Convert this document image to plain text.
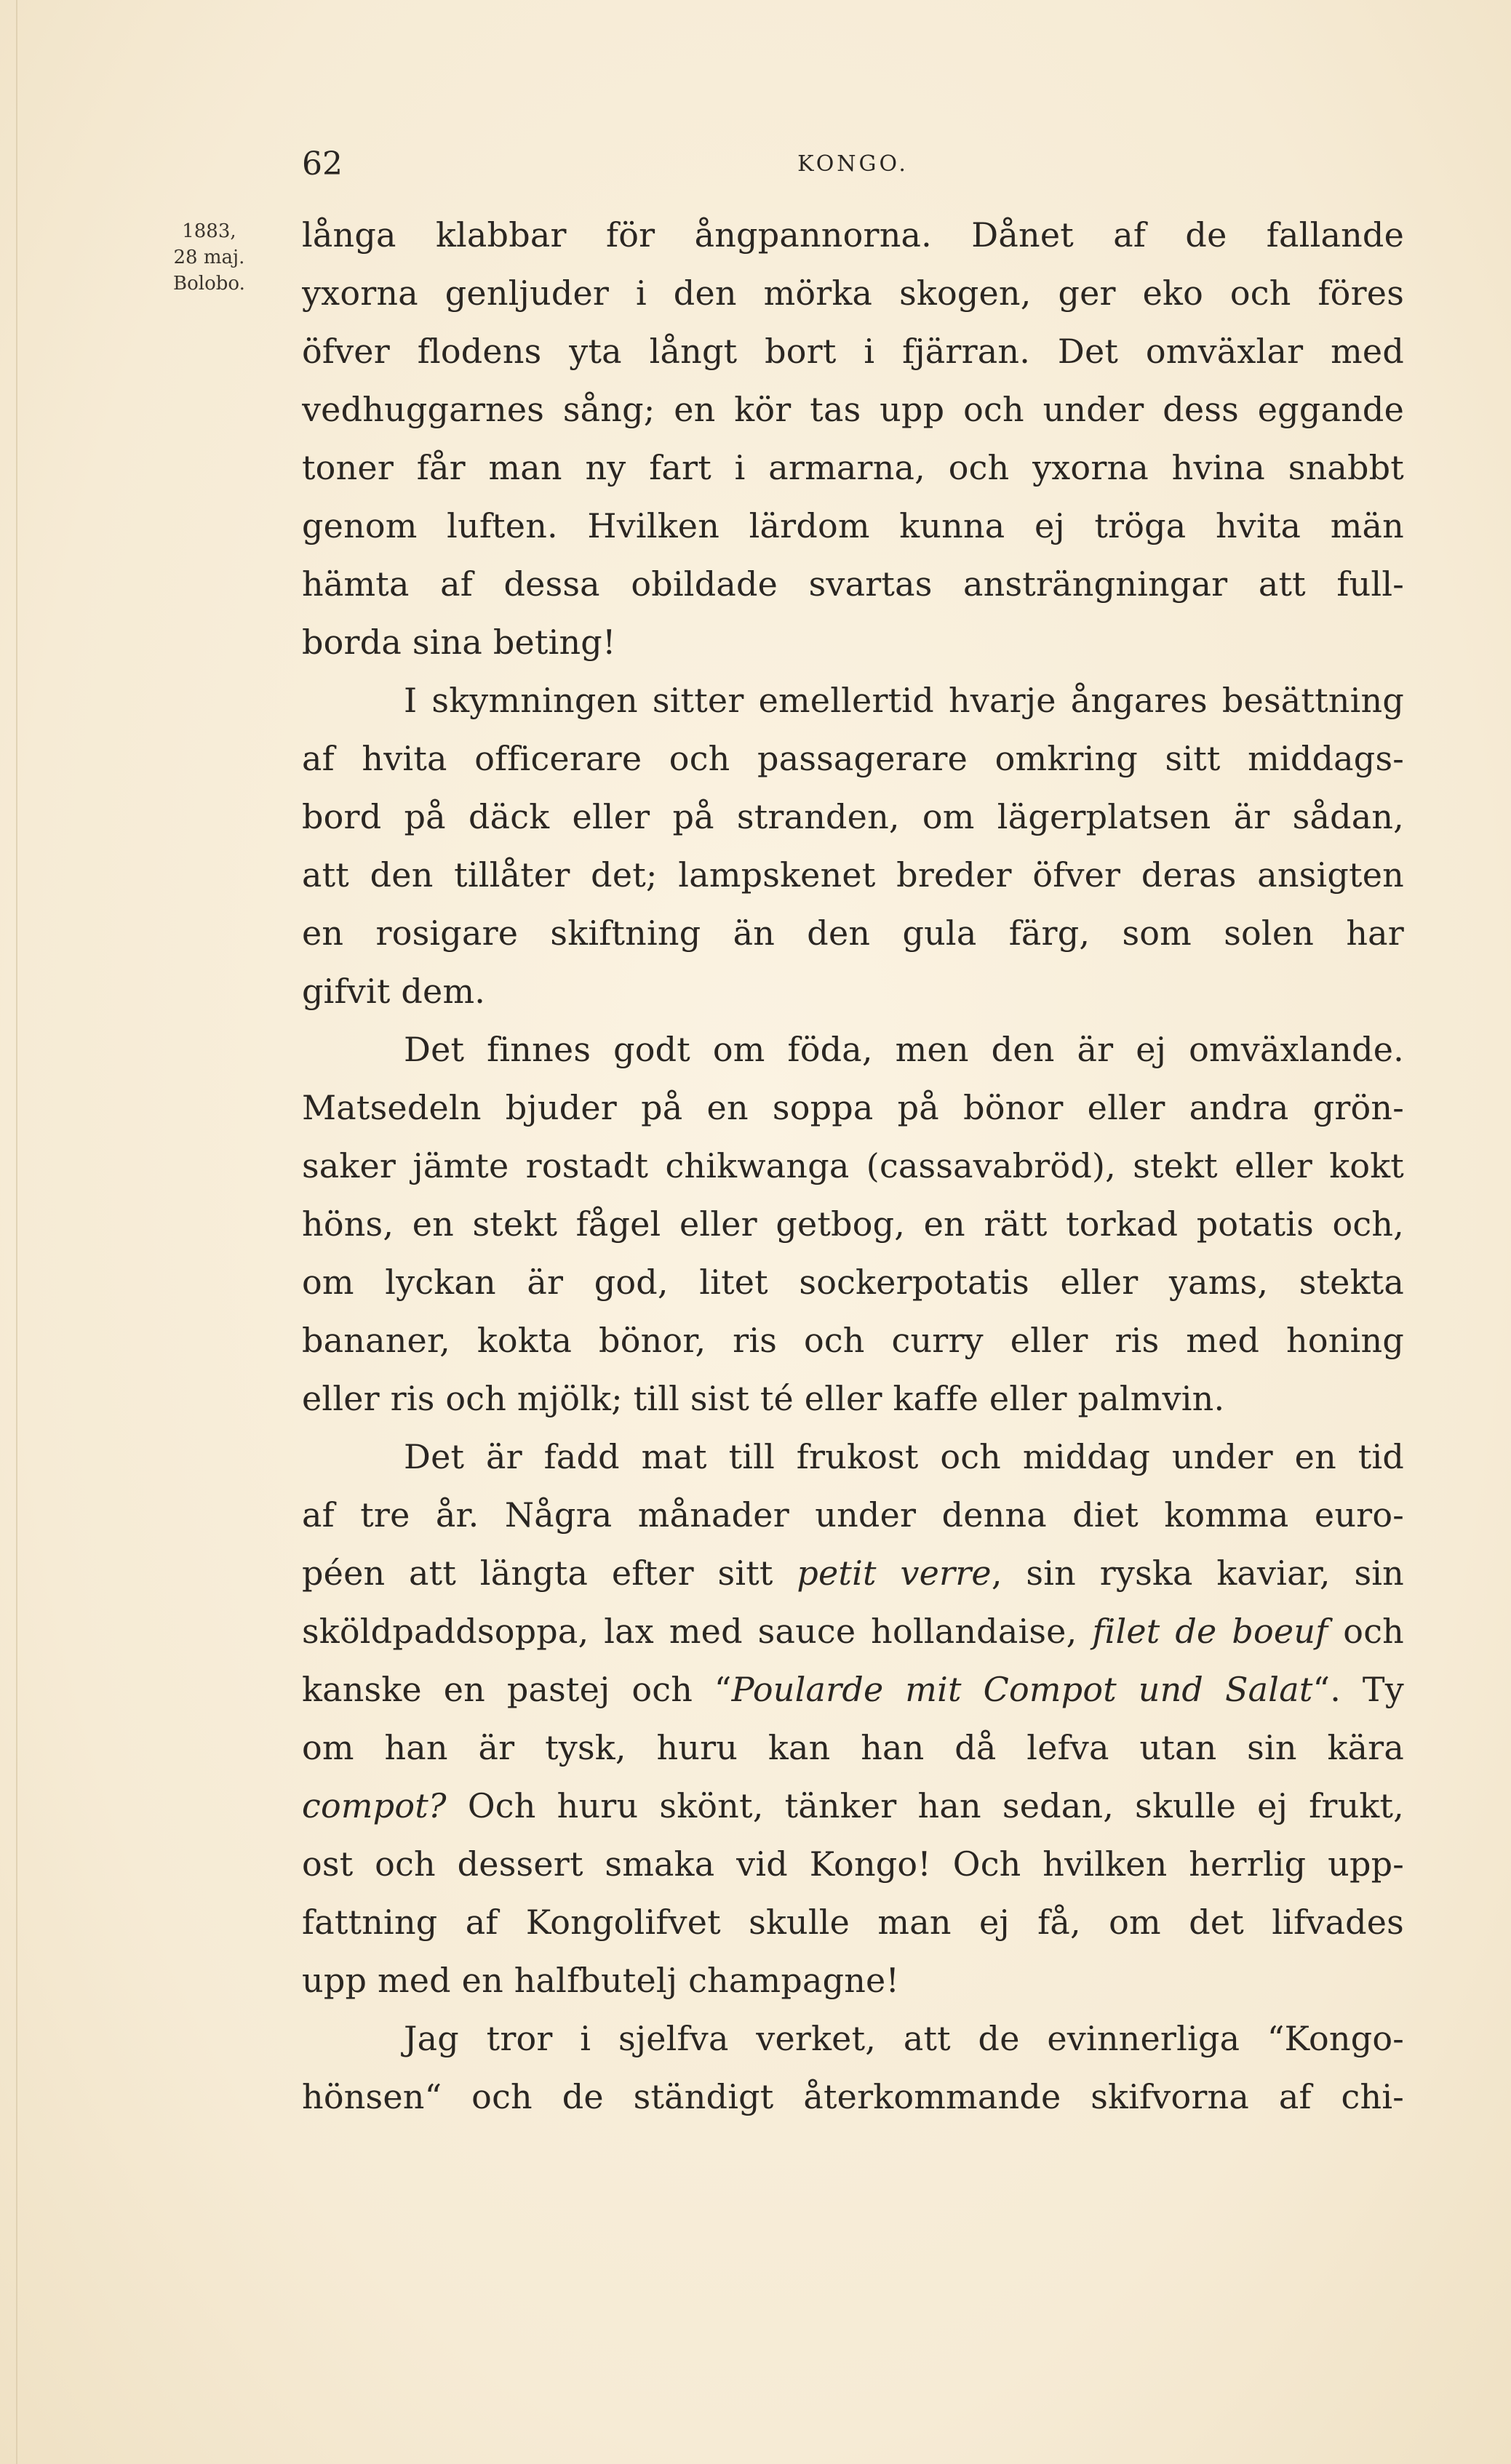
62	KONGO.
1883,
28 maj.
Bolobo.
långa klabbar för ångpannorna. Dånet af de fallande
yxorna genljuder i den mörka skogen, ger eko och föres
öfver flodens yta långt bort i fjärran. Det omväxlar med
vedhuggarnes sång; en kör tas upp och under dess eggande
toner får man ny fart i armarna, och yxorna hvina snabbt
genom luften. Hvilken lärdom kunna ej tröga hvita män
hämta af dessa obildade svartas ansträngningar att full-
borda sina beting!
I skymningen sitter emellertid hvarje ångares besättning
af hvita officerare och passagerare omkring sitt middags-
bord på däck eller på stranden, om lägerplatsen är sådan,
att den tillåter det; lampskenet breder öfver deras ansigten
en rosigare skiftning än den gula färg, som solen har
gifvit dem.
Det finnes godt om föda, men den är ej omväxlande.
Matsedeln bjuder på en soppa på bönor eller andra grön-
saker jämte rostadt chikwanga (cassavabröd), stekt eller kokt
höns, en stekt fågel eller getbog, en rätt torkad potatis och,
om lyckan är god, litet sockerpotatis eller yams, stekta
bananer, kokta bönor, ris och curry eller ris med honing
eller ris och mjölk; till sist té eller kaffe eller palmvin.
Det är fadd mat till frukost och middag under en tid
af tre år. Några månader under denna diet komma euro-
péen att längta efter sitt petit verre, sin ryska kaviar, sin
sköldpaddsoppa, lax med sauce hollandaise, filet de boeuf och
kanske en pastej och “Poularde mit Compot und Salat“. Ty
om han är tysk, huru kan han då lefva utan sin kära
compot? Och huru skönt, tänker han sedan, skulle ej frukt,
ost och dessert smaka vid Kongo! Och hvilken herrlig upp-
fattning af Kongolifvet skulle man ej få, om det lifvades
upp med en halfbutelj champagne!
Jag tror i sjelfva verket, att de evinnerliga “Kongo-
hönsen“ och de ständigt återkommande skifvorna af chi-
